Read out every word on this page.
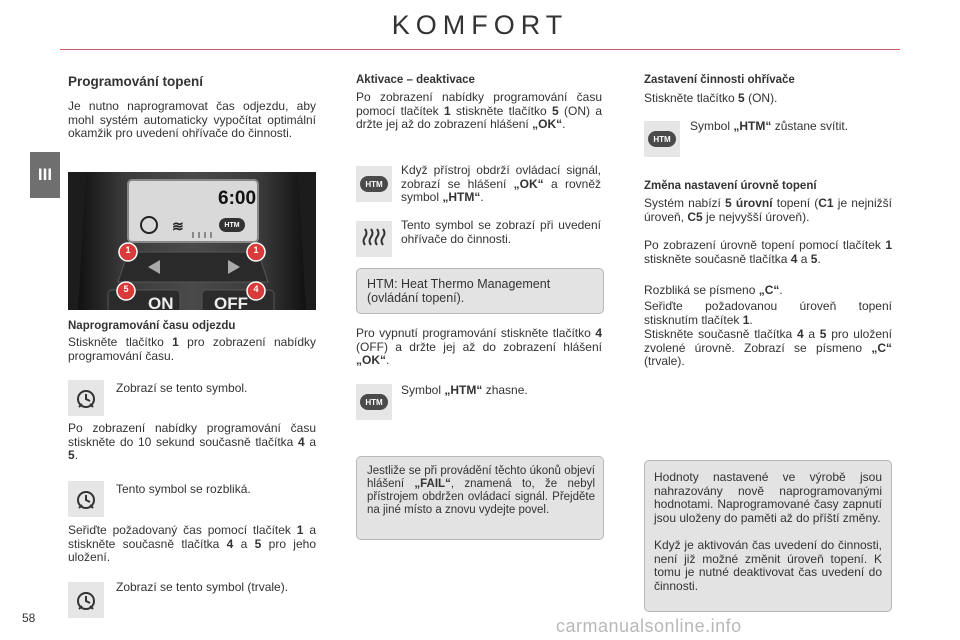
KOMFORT
III
58	carmanualsonline.info
Programování topení
Je nutno naprogramovat čas odjezdu, aby mohl systém automaticky vypočítat optimální okamžik pro uvedení ohřívače do činnosti.
6:00
≋	HTM
1	1
5	4
ON OFF
Naprogramování času odjezdu
Stiskněte tlačítko 1 pro zobrazení nabídky programování času.
Zobrazí se tento symbol.
Po zobrazení nabídky programování času stiskněte do 10 sekund současně tlačítka 4 a 5.
Tento symbol se rozbliká.
Seřiďte požadovaný čas pomocí tlačítek 1 a stiskněte současně tlačítka 4 a 5 pro jeho uložení.
Zobrazí se tento symbol (trvale).
Aktivace – deaktivace
Po zobrazení nabídky programování času pomocí tlačítek 1 stiskněte tlačítko 5 (ON) a držte jej až do zobrazení hlášení „OK“.
HTM
Když přístroj obdrží ovládací signál, zobrazí se hlášení „OK“ a rovněž symbol „HTM“.
Tento symbol se zobrazí při uvedení ohřívače do činnosti.
HTM: Heat Thermo Management (ovládání topení).
Pro vypnutí programování stiskněte tlačítko 4 (OFF) a držte jej až do zobrazení hlášení „OK“.
HTM
Symbol „HTM“ zhasne.
Jestliže se při provádění těchto úkonů objeví hlášení „FAIL“, znamená to, že nebyl přístrojem obdržen ovládací signál. Přejděte na jiné místo a znovu vydejte povel.
Zastavení činnosti ohřívače
Stiskněte tlačítko 5 (ON).
HTM
Symbol „HTM“ zůstane svítit.
Změna nastavení úrovně topení
Systém nabízí 5 úrovní topení (C1 je nejnižší úroveň, C5 je nejvyšší úroveň).
Po zobrazení úrovně topení pomocí tlačítek 1 stiskněte současně tlačítka 4 a 5.
Rozbliká se písmeno „C“.
Seřiďte požadovanou úroveň topení stisknutím tlačítek 1.
Stiskněte současně tlačítka 4 a 5 pro uložení zvolené úrovně. Zobrazí se písmeno „C“ (trvale).
Hodnoty nastavené ve výrobě jsou nahrazovány nově naprogramovanými hodnotami. Naprogramované časy zapnutí jsou uloženy do paměti až do příští změny.
Když je aktivován čas uvedení do činnosti, není již možné změnit úroveň topení. K tomu je nutné deaktivovat čas uvedení do činnosti.
